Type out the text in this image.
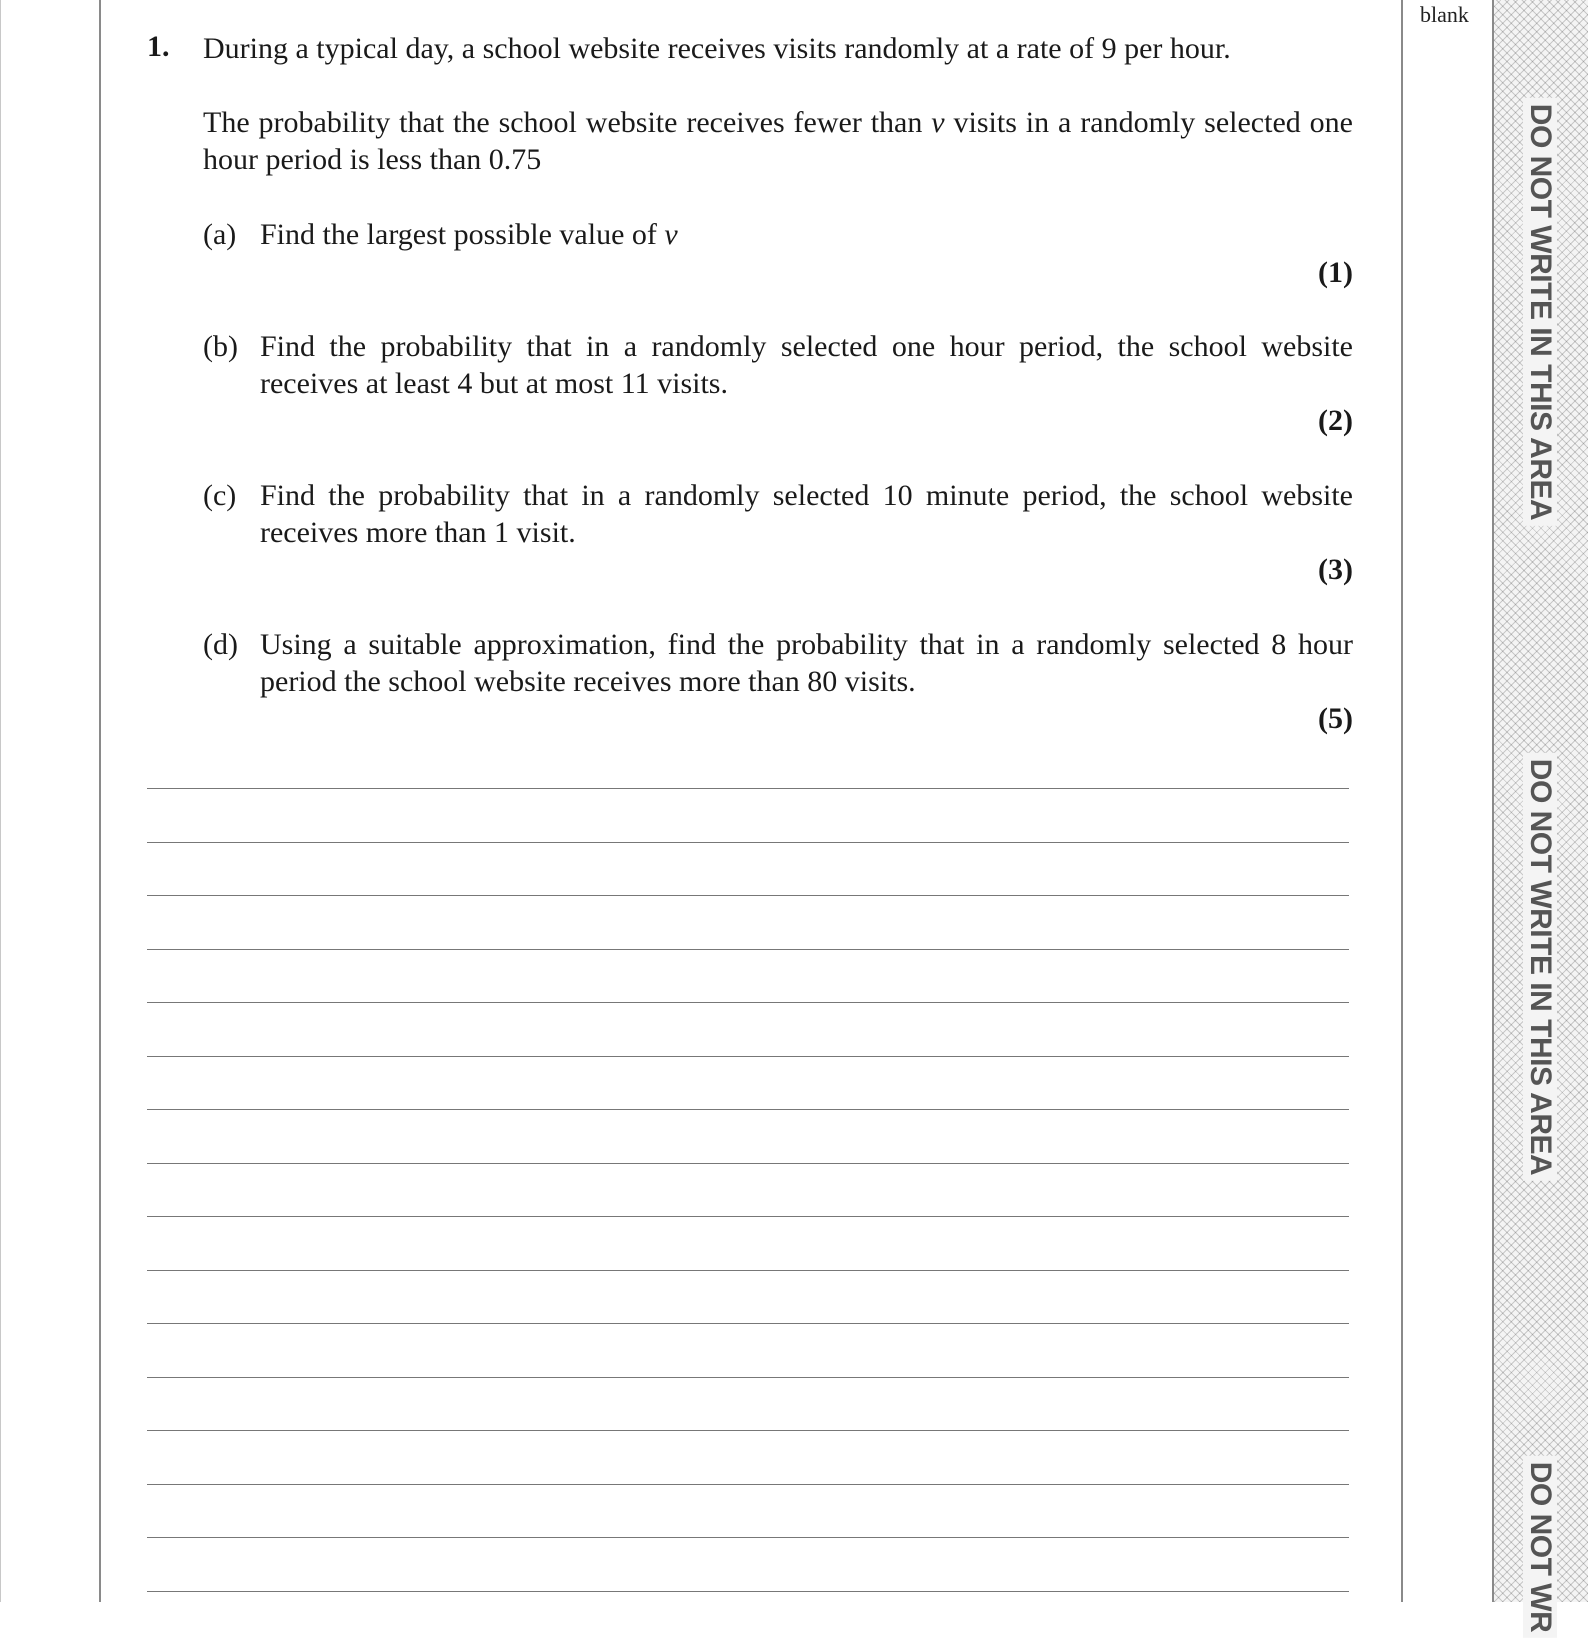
blank
DO NOT WRITE IN THIS AREA
DO NOT WRITE IN THIS AREA
DO NOT WR
1. During a typical day, a school website receives visits randomly at a rate of 9 per hour.

The probability that the school website receives fewer than v visits in a randomly selected one hour period is less than 0.75

(a) Find the largest possible value of v
(1)
(b) Find the probability that in a randomly selected one hour period, the school website receives at least 4 but at most 11 visits.
(2)
(c) Find the probability that in a randomly selected 10 minute period, the school website receives more than 1 visit.
(3)
(d) Using a suitable approximation, find the probability that in a randomly selected 8 hour period the school website receives more than 80 visits.
(5)
